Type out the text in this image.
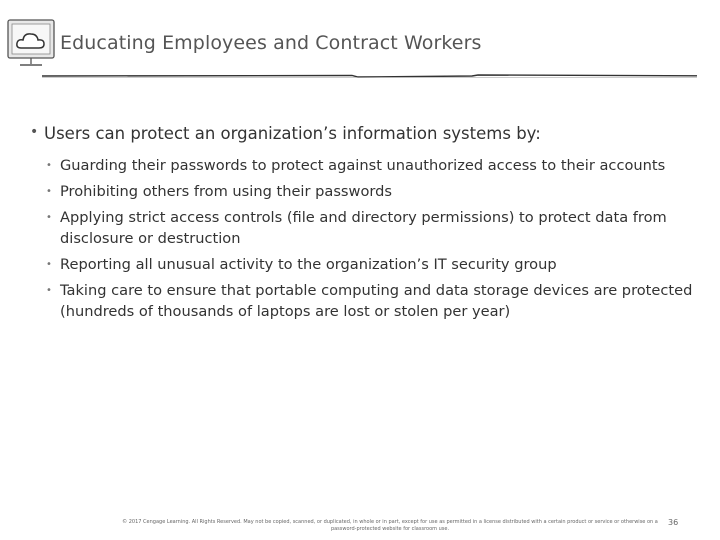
Educating Employees and Contract Workers
• Users can protect an organization’s information systems by:
• Guarding their passwords to protect against unauthorized access to their accounts
• Prohibiting others from using their passwords
• Applying strict access controls (file and directory permissions) to protect data from disclosure or destruction
• Reporting all unusual activity to the organization’s IT security group
• Taking care to ensure that portable computing and data storage devices are protected (hundreds of thousands of laptops are lost or stolen per year)
© 2017 Cengage Learning. All Rights Reserved. May not be copied, scanned, or duplicated, in whole or in part, except for use as permitted in a license distributed with a certain product or service or otherwise on a password-protected website for classroom use.
36
